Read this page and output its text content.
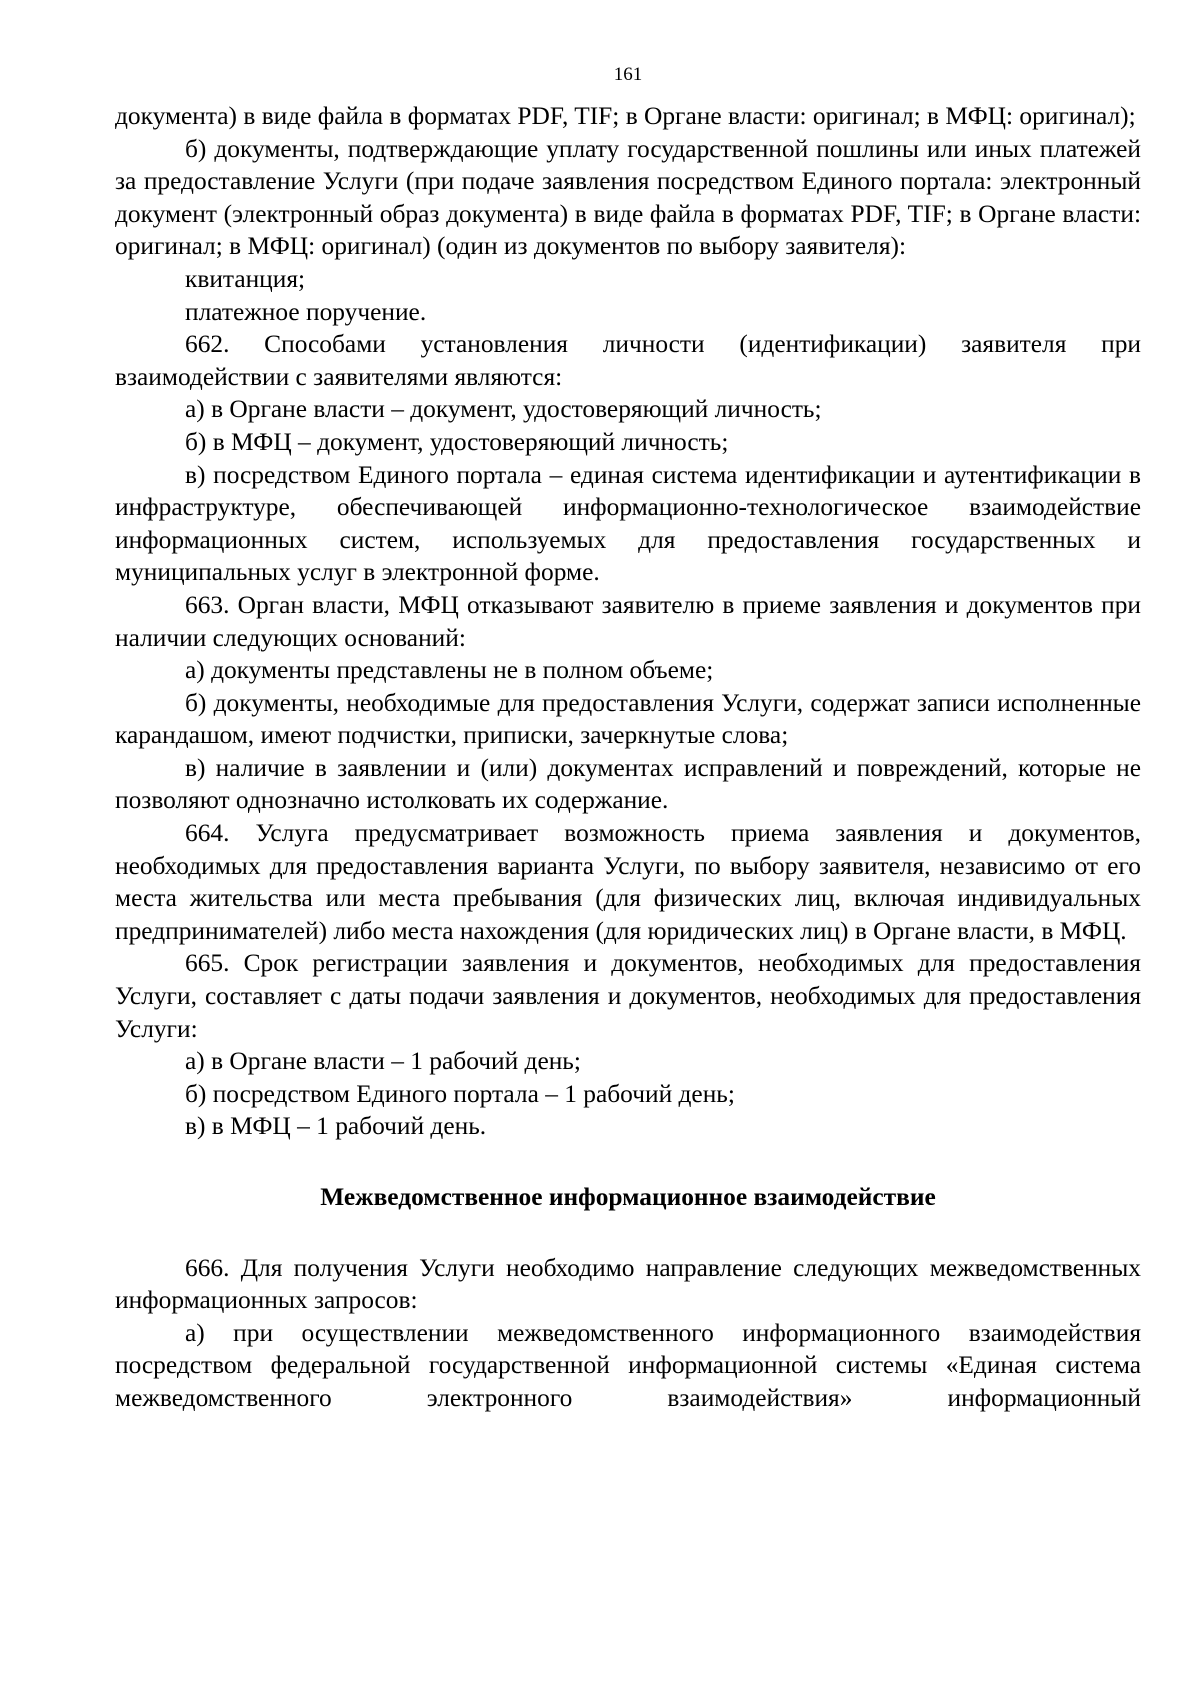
161

документа) в виде файла в форматах PDF, TIF; в Органе власти: оригинал; в МФЦ: оригинал);

б) документы, подтверждающие уплату государственной пошлины или иных платежей за предоставление Услуги (при подаче заявления посредством Единого портала: электронный документ (электронный образ документа) в виде файла в форматах PDF, TIF; в Органе власти: оригинал; в МФЦ: оригинал) (один из документов по выбору заявителя):

квитанция;

платежное поручение.

662. Способами установления личности (идентификации) заявителя при взаимодействии с заявителями являются:

а) в Органе власти – документ, удостоверяющий личность;

б) в МФЦ – документ, удостоверяющий личность;

в) посредством Единого портала – единая система идентификации и аутентификации в инфраструктуре, обеспечивающей информационно-технологическое взаимодействие информационных систем, используемых для предоставления государственных и муниципальных услуг в электронной форме.

663. Орган власти, МФЦ отказывают заявителю в приеме заявления и документов при наличии следующих оснований:

а) документы представлены не в полном объеме;

б) документы, необходимые для предоставления Услуги, содержат записи исполненные карандашом, имеют подчистки, приписки, зачеркнутые слова;

в) наличие в заявлении и (или) документах исправлений и повреждений, которые не позволяют однозначно истолковать их содержание.

664. Услуга предусматривает возможность приема заявления и документов, необходимых для предоставления варианта Услуги, по выбору заявителя, независимо от его места жительства или места пребывания (для физических лиц, включая индивидуальных предпринимателей) либо места нахождения (для юридических лиц) в Органе власти, в МФЦ.

665. Срок регистрации заявления и документов, необходимых для предоставления Услуги, составляет с даты подачи заявления и документов, необходимых для предоставления Услуги:

а) в Органе власти – 1 рабочий день;

б) посредством Единого портала – 1 рабочий день;

в) в МФЦ – 1 рабочий день.

Межведомственное информационное взаимодействие

666. Для получения Услуги необходимо направление следующих межведомственных информационных запросов:

а) при осуществлении межведомственного информационного взаимодействия посредством федеральной государственной информационной системы «Единая система межведомственного электронного взаимодействия» информационный
